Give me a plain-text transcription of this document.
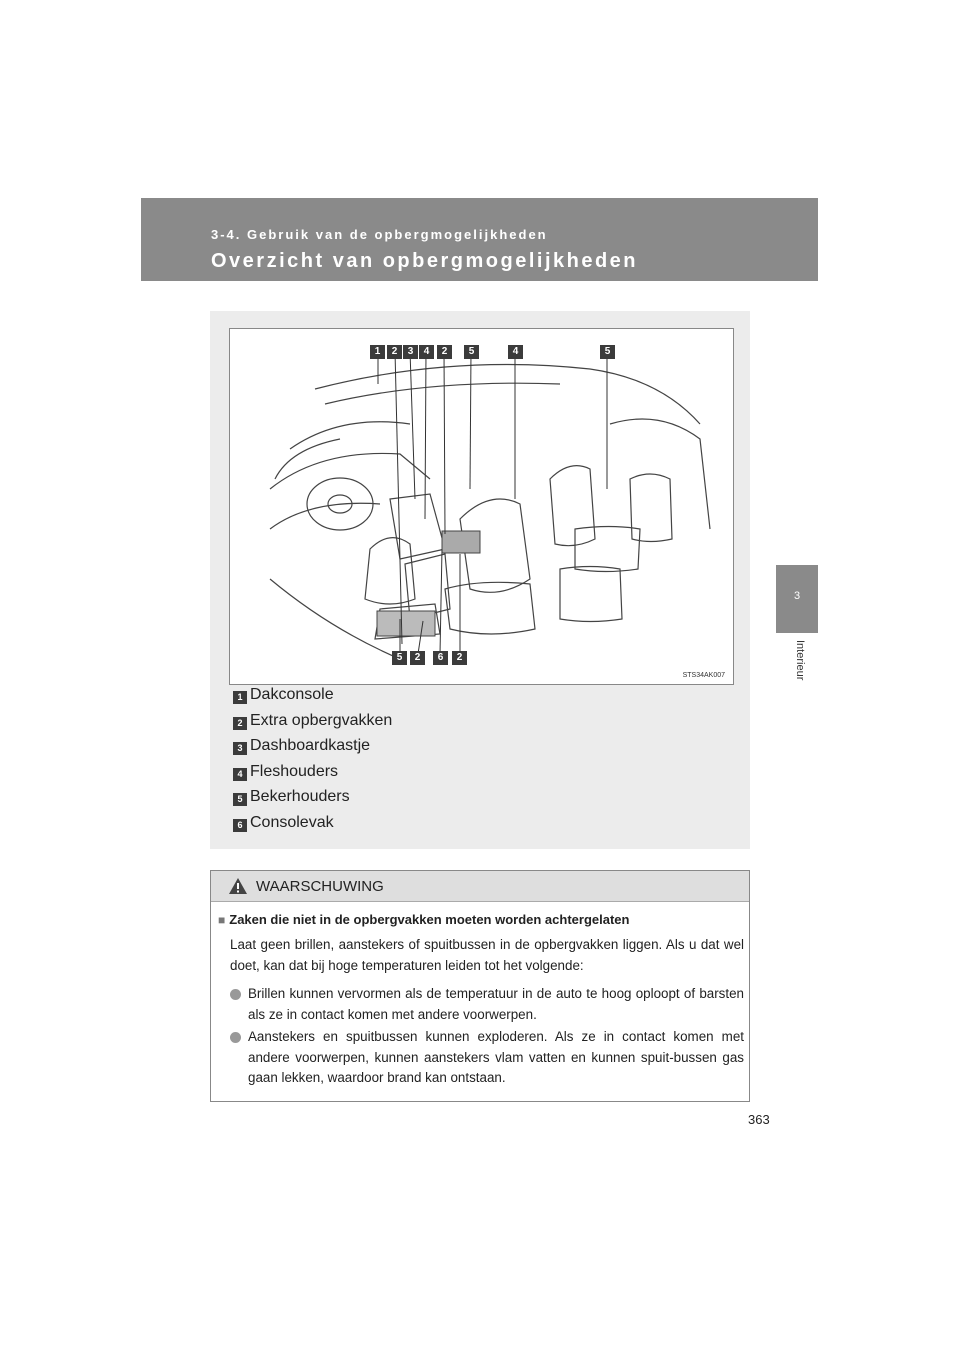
3-4. Gebruik van de opbergmogelijkheden
Overzicht van opbergmogelijkheden
3
Interieur
1	2	3	4	2	5	4	5
5	2	6	2
STS34AK007
1 Dakconsole
2 Extra opbergvakken
3 Dashboardkastje
4 Fleshouders
5 Bekerhouders
6 Consolevak
WAARSCHUWING
■ Zaken die niet in de opbergvakken moeten worden achtergelaten
Laat geen brillen, aanstekers of spuitbussen in de opbergvakken liggen. Als u dat wel doet, kan dat bij hoge temperaturen leiden tot het volgende:
Brillen kunnen vervormen als de temperatuur in de auto te hoog oploopt of barsten als ze in contact komen met andere voorwerpen.
Aanstekers en spuitbussen kunnen exploderen. Als ze in contact komen met andere voorwerpen, kunnen aanstekers vlam vatten en kunnen spuit-bussen gas gaan lekken, waardoor brand kan ontstaan.
363
